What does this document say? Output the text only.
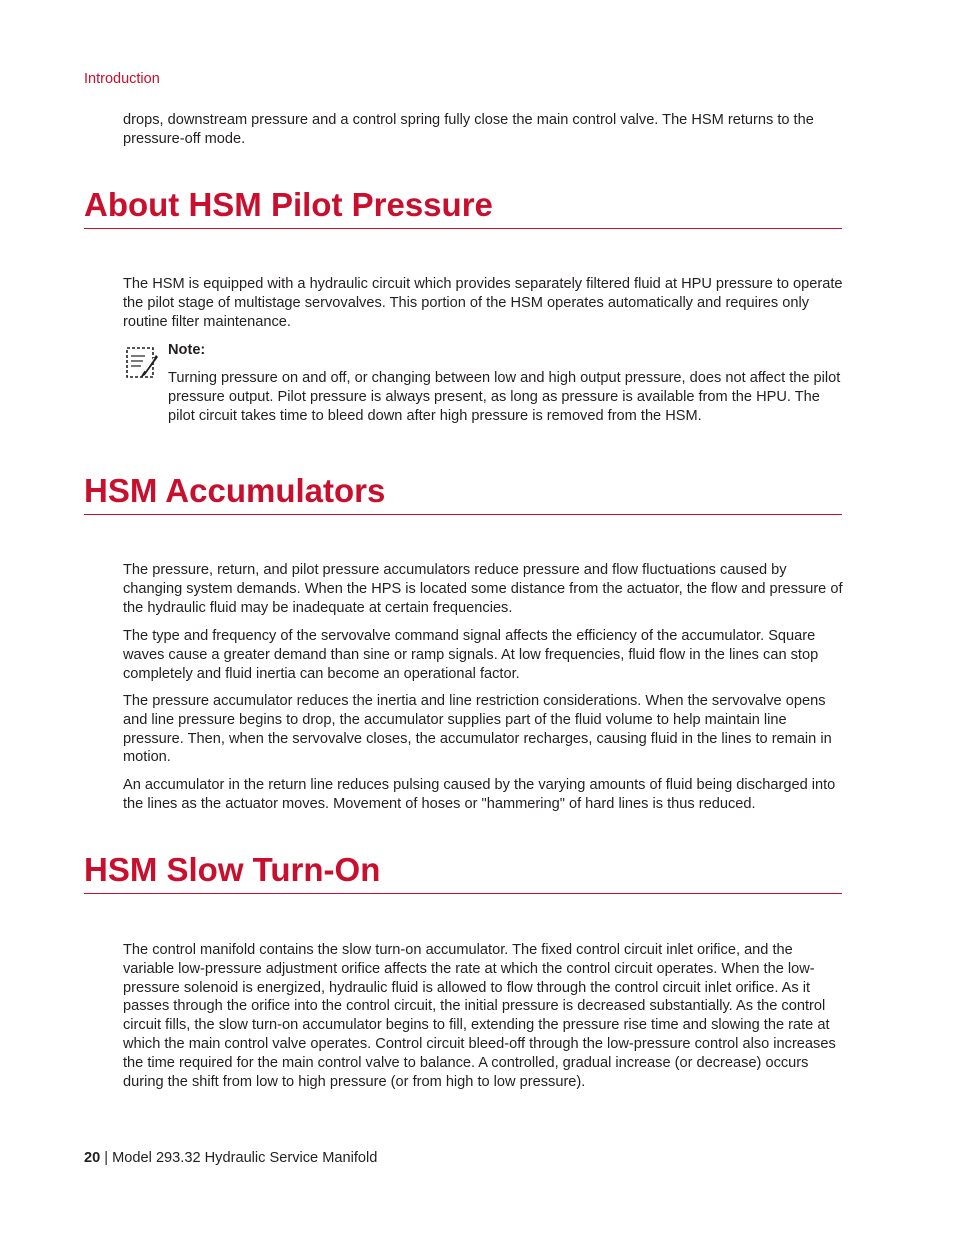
Introduction

drops, downstream pressure and a control spring fully close the main control valve. The HSM returns to the pressure-off mode.

About HSM Pilot Pressure

The HSM is equipped with a hydraulic circuit which provides separately filtered fluid at HPU pressure to operate the pilot stage of multistage servovalves. This portion of the HSM operates automatically and requires only routine filter maintenance.

Note:

Turning pressure on and off, or changing between low and high output pressure, does not affect the pilot pressure output. Pilot pressure is always present, as long as pressure is available from the HPU. The pilot circuit takes time to bleed down after high pressure is removed from the HSM.

HSM Accumulators

The pressure, return, and pilot pressure accumulators reduce pressure and flow fluctuations caused by changing system demands. When the HPS is located some distance from the actuator, the flow and pressure of the hydraulic fluid may be inadequate at certain frequencies.

The type and frequency of the servovalve command signal affects the efficiency of the accumulator. Square waves cause a greater demand than sine or ramp signals. At low frequencies, fluid flow in the lines can stop completely and fluid inertia can become an operational factor.

The pressure accumulator reduces the inertia and line restriction considerations. When the servovalve opens and line pressure begins to drop, the accumulator supplies part of the fluid volume to help maintain line pressure. Then, when the servovalve closes, the accumulator recharges, causing fluid in the lines to remain in motion.

An accumulator in the return line reduces pulsing caused by the varying amounts of fluid being discharged into the lines as the actuator moves. Movement of hoses or "hammering" of hard lines is thus reduced.

HSM Slow Turn-On

The control manifold contains the slow turn-on accumulator. The fixed control circuit inlet orifice, and the variable low-pressure adjustment orifice affects the rate at which the control circuit operates. When the low-pressure solenoid is energized, hydraulic fluid is allowed to flow through the control circuit inlet orifice. As it passes through the orifice into the control circuit, the initial pressure is decreased substantially. As the control circuit fills, the slow turn-on accumulator begins to fill, extending the pressure rise time and slowing the rate at which the main control valve operates. Control circuit bleed-off through the low-pressure control also increases the time required for the main control valve to balance. A controlled, gradual increase (or decrease) occurs during the shift from low to high pressure (or from high to low pressure).

20 | Model 293.32 Hydraulic Service Manifold
